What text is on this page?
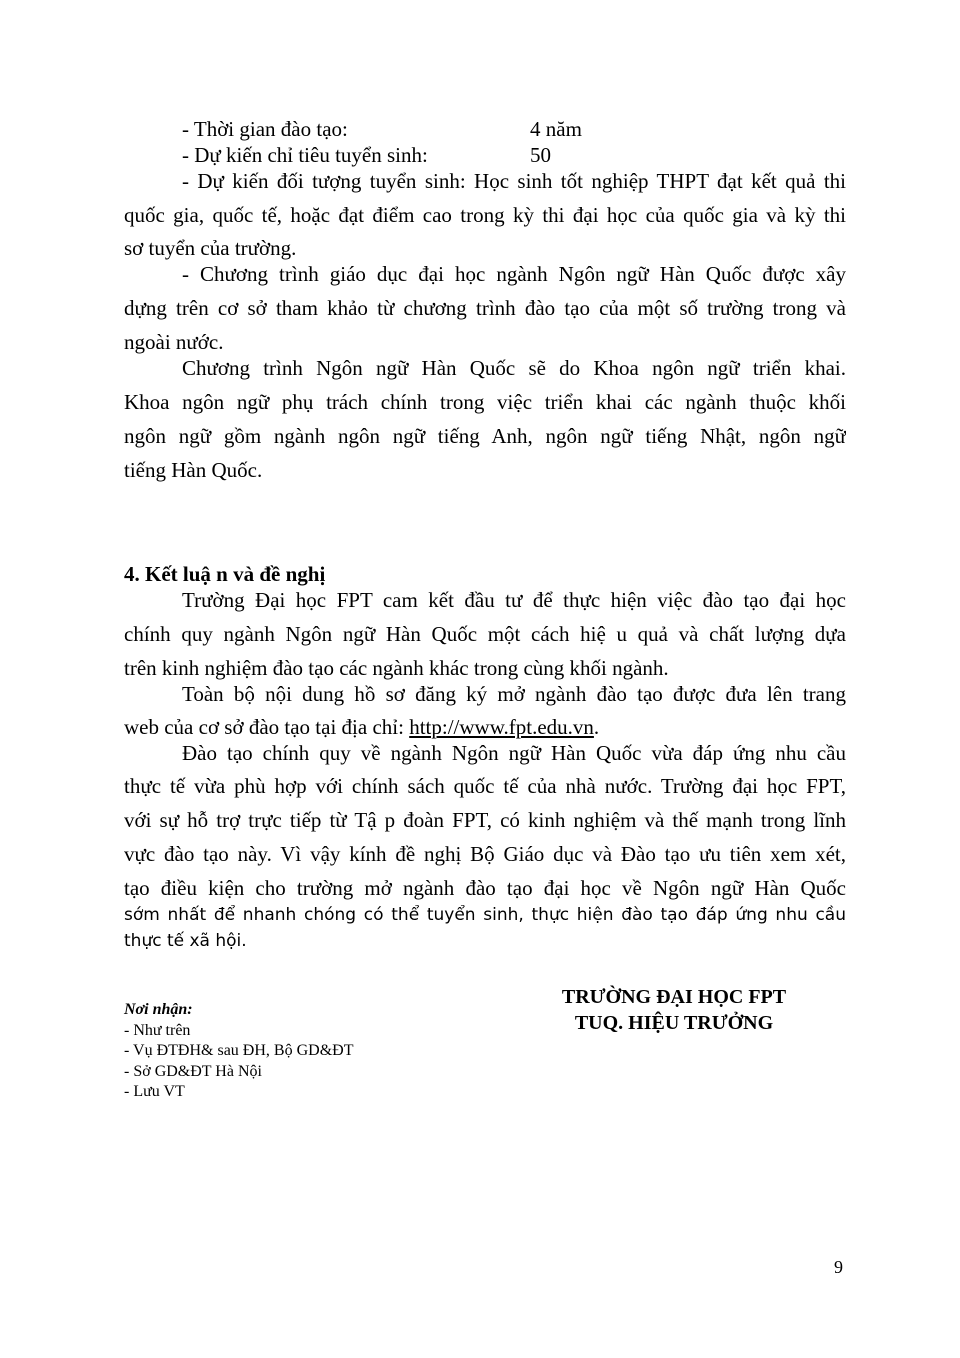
- Thời gian đào tạo:	4 năm
- Dự kiến chỉ tiêu tuyển sinh:	50
- Dự kiến đối tượng tuyển sinh: Học sinh tốt nghiệp THPT đạt kết quả thi
quốc gia, quốc tế, hoặc đạt điểm cao trong kỳ thi đại học của quốc gia và kỳ thi
sơ tuyển của trường.
- Chương trình giáo dục đại học ngành Ngôn ngữ Hàn Quốc được xây
dựng trên cơ sở tham khảo từ chương trình đào tạo của một số trường trong và
ngoài nước.
Chương trình Ngôn ngữ Hàn Quốc sẽ do Khoa ngôn ngữ triển khai.
Khoa ngôn ngữ phụ trách chính trong việc triển khai các ngành thuộc khối
ngôn ngữ gồm ngành ngôn ngữ tiếng Anh, ngôn ngữ tiếng Nhật, ngôn ngữ
tiếng Hàn Quốc.
4. Kết luậ n và đề nghị
Trường Đại học FPT cam kết đầu tư để thực hiện việc đào tạo đại học
chính quy ngành Ngôn ngữ Hàn Quốc một cách hiệ u quả và chất lượng dựa
trên kinh nghiệm đào tạo các ngành khác trong cùng khối ngành.
Toàn bộ nội dung hồ sơ đăng ký mở ngành đào tạo được đưa lên trang
web của cơ sở đào tạo tại địa chỉ: http://www.fpt.edu.vn.
Đào tạo chính quy về ngành Ngôn ngữ Hàn Quốc vừa đáp ứng nhu cầu
thực tế vừa phù hợp với chính sách quốc tế của nhà nước. Trường đại học FPT,
với sự hỗ trợ trực tiếp từ Tậ p đoàn FPT, có kinh nghiệm và thế mạnh trong lĩnh
vực đào tạo này. Vì vậy kính đề nghị Bộ Giáo dục và Đào tạo ưu tiên xem xét,
tạo điều kiện cho trường mở ngành đào tạo đại học về Ngôn ngữ Hàn Quốc
sớm nhất để nhanh chóng có thể tuyển sinh, thực hiện đào tạo đáp ứng nhu cầu
thực tế xã hội.
Nơi nhận:
- Như trên
- Vụ ĐTĐH& sau ĐH, Bộ GD&ĐT
- Sở GD&ĐT Hà Nội
- Lưu VT
TRƯỜNG ĐẠI HỌC FPT
TUQ. HIỆU TRƯỞNG
9
